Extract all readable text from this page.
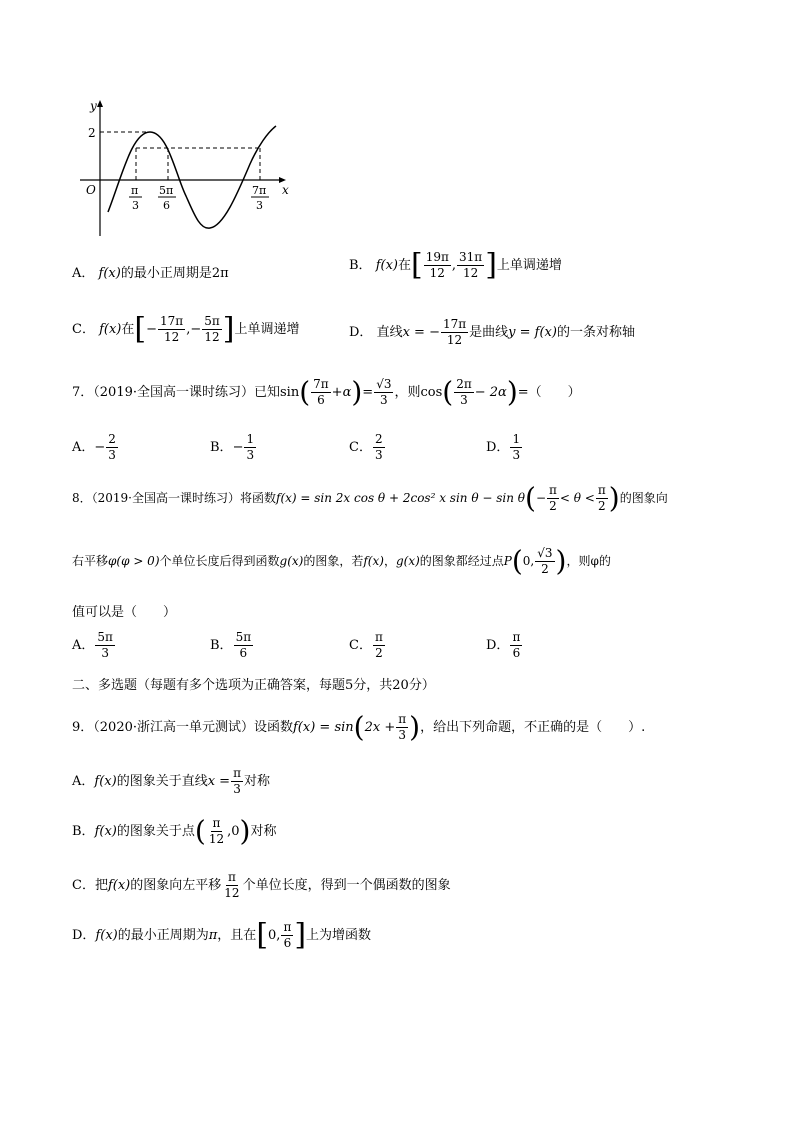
y
x
O
2
π
3
5π
6
7π
3
A． f(x)的最小正周期是2π
B． f(x)在[ $\frac{19\pi}{12}$ , $\frac{31\pi}{12}$ ]上单调递增
C． f(x)在[− $\frac{17\pi}{12}$ ,− $\frac{5\pi}{12}$ ]上单调递增	D． 直线x = − $\frac{17\pi}{12}$ 是曲线y = f(x)的一条对称轴
7．（2019·全国高一课时练习）已知$\sin( \frac{7\pi}{6} +\alpha)= \frac{√3}{3}$ ，则$\cos( \frac{2\pi}{3} - 2\alpha)=$（　　）
A．− $\frac{2}{3}$	B．− $\frac{1}{3}$	C． $\frac{2}{3}$	D． $\frac{1}{3}$
8．（2019·全国高一课时练习）将函数f(x) = sin 2x cos θ + 2cos² x $\sin \theta - \sin \theta(- \frac{\pi}{2} < \theta < \frac{\pi}{2}$ )的图象向
右平移φ(φ > 0)个单位长度后得到函数g(x)的图象，若f(x)，g(x)的图象都经过点P(0, $\frac{√3}{2}$ )，则φ的
值可以是（　　）
A． $\frac{5\pi}{3}$	B． $\frac{5\pi}{6}$	C． $\frac{\pi}{2}$	D． $\frac{\pi}{6}$
二、多选题（每题有多个选项为正确答案，每题5分，共20分）
9．（2020·浙江高一单元测试）设函数$f(x) = \sin(2x + \frac{\pi}{3}$ )，给出下列命题，不正确的是（　　）.
A．f(x)的图象关于直线$x = \frac{\pi}{3}$ 对称
B．f(x)的图象关于点( $\frac{\pi}{12} ,0$)对称
C．把f(x)的图象向左平移 $\frac{\pi}{12}$ 个单位长度，得到一个偶函数的图象
D．f(x)的最小正周期为π，且在[0, $\frac{\pi}{6}$ ]上为增函数
